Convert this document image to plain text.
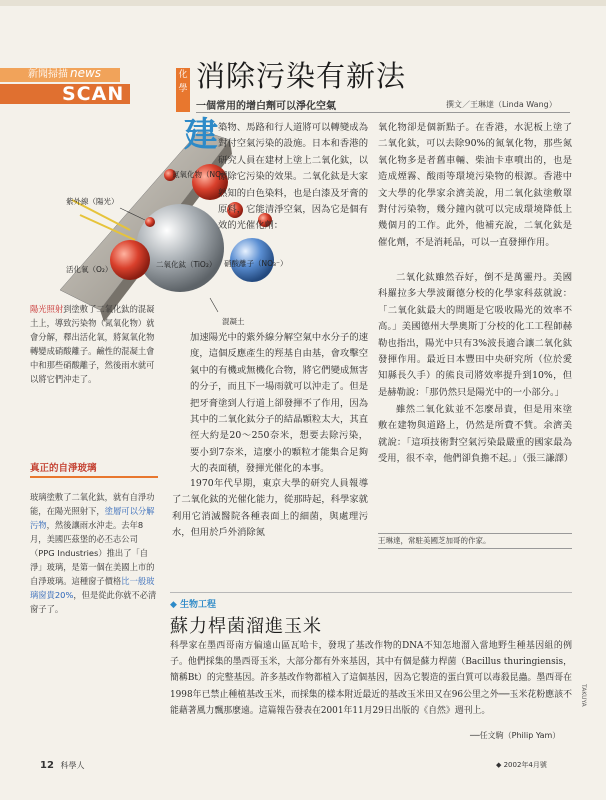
新聞掃描 news
SCAN
化學 消除污染有新法
一個常用的增白劑可以淨化空氣	撰文／王琳達（Linda Wang）
紫外線（陽光）
氮氧化物（NO₂）
二氧化鈦（TiO₂）
活化氧（O₂）
硝酸離子（NO₃⁻）
混凝土
建 築物、馬路和行人道將可以轉變成為對付空氣污染的設施。日本和香港的研究人員在建材上塗上二氧化鈦，以漂除它污染的效果。二氧化鈦是大家熟知的白色染料，也是白漆及牙膏的原料，它能清淨空氣，因為它是個有效的光催化劑：

加速陽光中的紫外線分解空氣中水分子的速度，這個反應產生的羥基自由基，會攻擊空氣中的有機或無機化合物，將它們變成無害的分子，而且下一場雨就可以沖走了。但是把牙膏塗到人行道上卻發揮不了作用，因為其中的二氧化鈦分子的結晶顆粒太大，其直徑大約是20～250奈米，想要去除污染，要小到7奈米，這麼小的顆粒才能集合足夠大的表面積，發揮光催化的本事。

1970年代早期，東京大學的研究人員報導了二氧化鈦的光催化能力，從那時起，科學家就利用它消滅醫院各種表面上的細菌，與處理污水，但用於戶外消除氮

氧化物卻是個新點子。在香港，水泥板上塗了二氧化鈦，可以去除90%的氮氧化物，那些氮氧化物多是者舊車輛、柴油卡車噴出的，也是造成煙霧、酸雨等環境污染物的根源。香港中文大學的化學家余濟美說，用二氧化鈦塗敷罩對付污染物，幾分鐘內就可以完成環境降低上幾個月的工作。此外，他補充說，二氧化鈦是催化劑，不是消耗品，可以一直發揮作用。

二氧化鈦雖然吞好，倒不是萬靈丹。美國科羅拉多大學波爾德分校的化學家科茲就說：「二氧化鈦最大的問題是它吸收陽光的效率不高。」美國德州大學奧斯丁分校的化工工程師赫勒也指出，陽光中只有3%波長適合讓二氧化鈦發揮作用。最近日本豐田中央研究所（位於愛知縣長久手）的熊良司將效率提升到10%，但是赫勒說：「那仍然只是陽光中的一小部分。」

雖然二氧化鈦並不怎麼昂貴，但是用來塗敷在建物與道路上，仍然是所費不貲。余濟美就說：「這項技術對空氣污染最嚴重的國家最為受用，很不幸，他們卻負擔不起。」（張三謙譯）

王琳達，常駐美國芝加哥的作家。
陽光照射到塗敷了二氧化鈦的混凝土上，導致污染物（氮氧化物）就會分解，釋出活化氧，將氮氧化物轉變成硝酸離子。鹼性的混凝土會中和那些硝酸離子，然後雨水就可以將它們沖走了。
真正的自淨玻璃
玻璃塗敷了二氧化鈦，就有自淨功能，在陽光照射下，塗層可以分解污物，然後讓雨水沖走。去年8月，美國匹茲堡的必丕志公司（PPG Industries）推出了「自淨」玻璃，是第一個在美國上市的自淨玻璃。這種窗子價格比一般玻璃窗貴20%，但是從此你就不必清窗子了。	◆ 生物工程
蘇力桿菌溜進玉米

科學家在墨西哥南方偏遠山區瓦哈卡，發現了基改作物的DNA不知怎地溜入當地野生種基因組的例子。他們採集的墨西哥玉米，大部分都有外來基因，其中有個是蘇力桿菌（Bacillus thuringiensis，簡稱Bt）的完整基因。許多基改作物都植入了這個基因，因為它製造的蛋白質可以毒殺昆蟲。墨西哥在1998年已禁止種植基改玉米，而採集的樣本附近最近的基改玉米田又在96公里之外──玉米花粉應該不能藉著風力飄那麼遠。這篇報告發表在2001年11月29日出版的《自然》週刊上。

──任文駒（Philip Yam）
12 科學人	◆ 2002年4月號
TAKUYA
